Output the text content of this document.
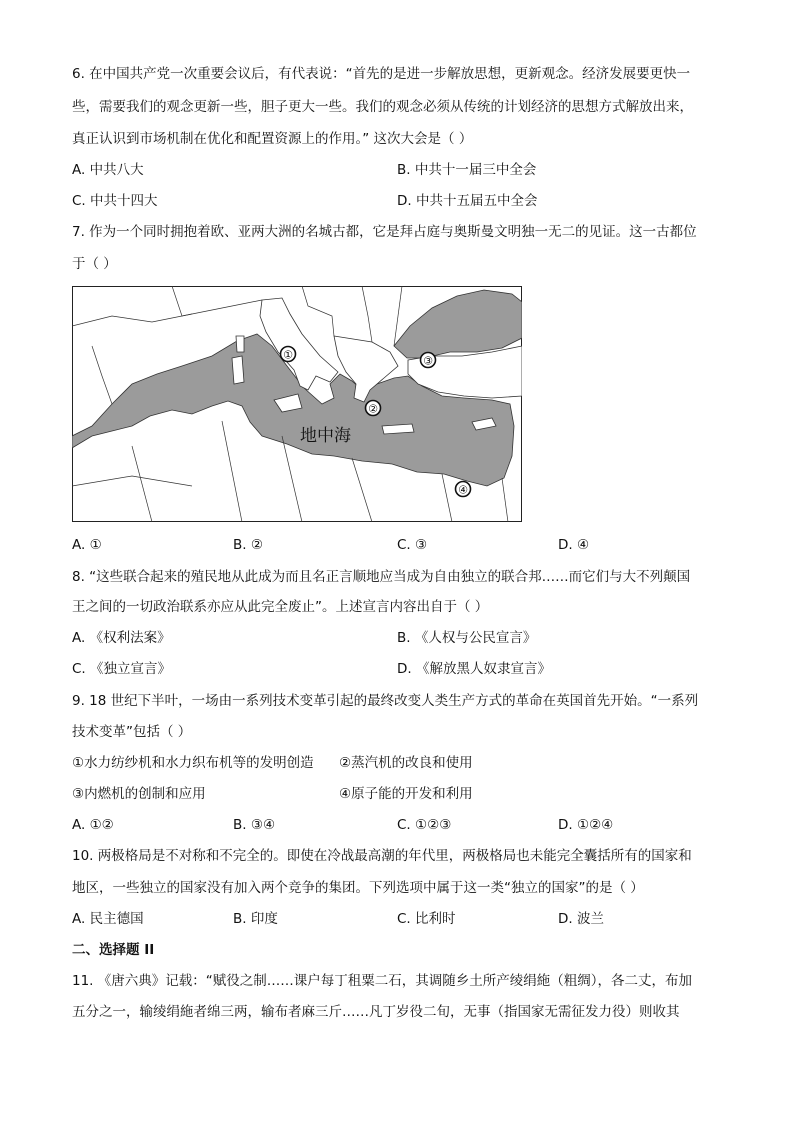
6. 在中国共产党一次重要会议后，有代表说：“首先的是进一步解放思想，更新观念。经济发展要更快一
些，需要我们的观念更新一些，胆子更大一些。我们的观念必须从传统的计划经济的思想方式解放出来，
真正认识到市场机制在优化和配置资源上的作用。” 这次大会是（ ）
A. 中共八大	B. 中共十一届三中全会
C. 中共十四大	D. 中共十五届五中全会
7. 作为一个同时拥抱着欧、亚两大洲的名城古都，它是拜占庭与奥斯曼文明独一无二的见证。这一古都位
于（ ）
地中海
①
②
③
④
A. ①	B. ②	C. ③	D. ④
8. “这些联合起来的殖民地从此成为而且名正言顺地应当成为自由独立的联合邦……而它们与大不列颠国
王之间的一切政治联系亦应从此完全废止”。上述宣言内容出自于（ ）
A. 《权利法案》	B. 《人权与公民宣言》
C. 《独立宣言》	D. 《解放黑人奴隶宣言》
9. 18 世纪下半叶，一场由一系列技术变革引起的最终改变人类生产方式的革命在英国首先开始。“一系列
技术变革”包括（ ）
①水力纺纱机和水力织布机等的发明创造 ②蒸汽机的改良和使用
③内燃机的创制和应用	④原子能的开发和利用
A. ①②	B. ③④	C. ①②③	D. ①②④
10. 两极格局是不对称和不完全的。即使在冷战最高潮的年代里，两极格局也未能完全囊括所有的国家和
地区，一些独立的国家没有加入两个竞争的集团。下列选项中属于这一类“独立的国家”的是（ ）
A. 民主德国	B. 印度	C. 比利时	D. 波兰
二、选择题 II
11. 《唐六典》记载：“赋役之制……课户每丁租粟二石，其调随乡土所产绫绢絁（粗绸），各二丈，布加
五分之一，输绫绢絁者绵三两，输布者麻三斤……凡丁岁役二旬，无事（指国家无需征发力役）则收其
